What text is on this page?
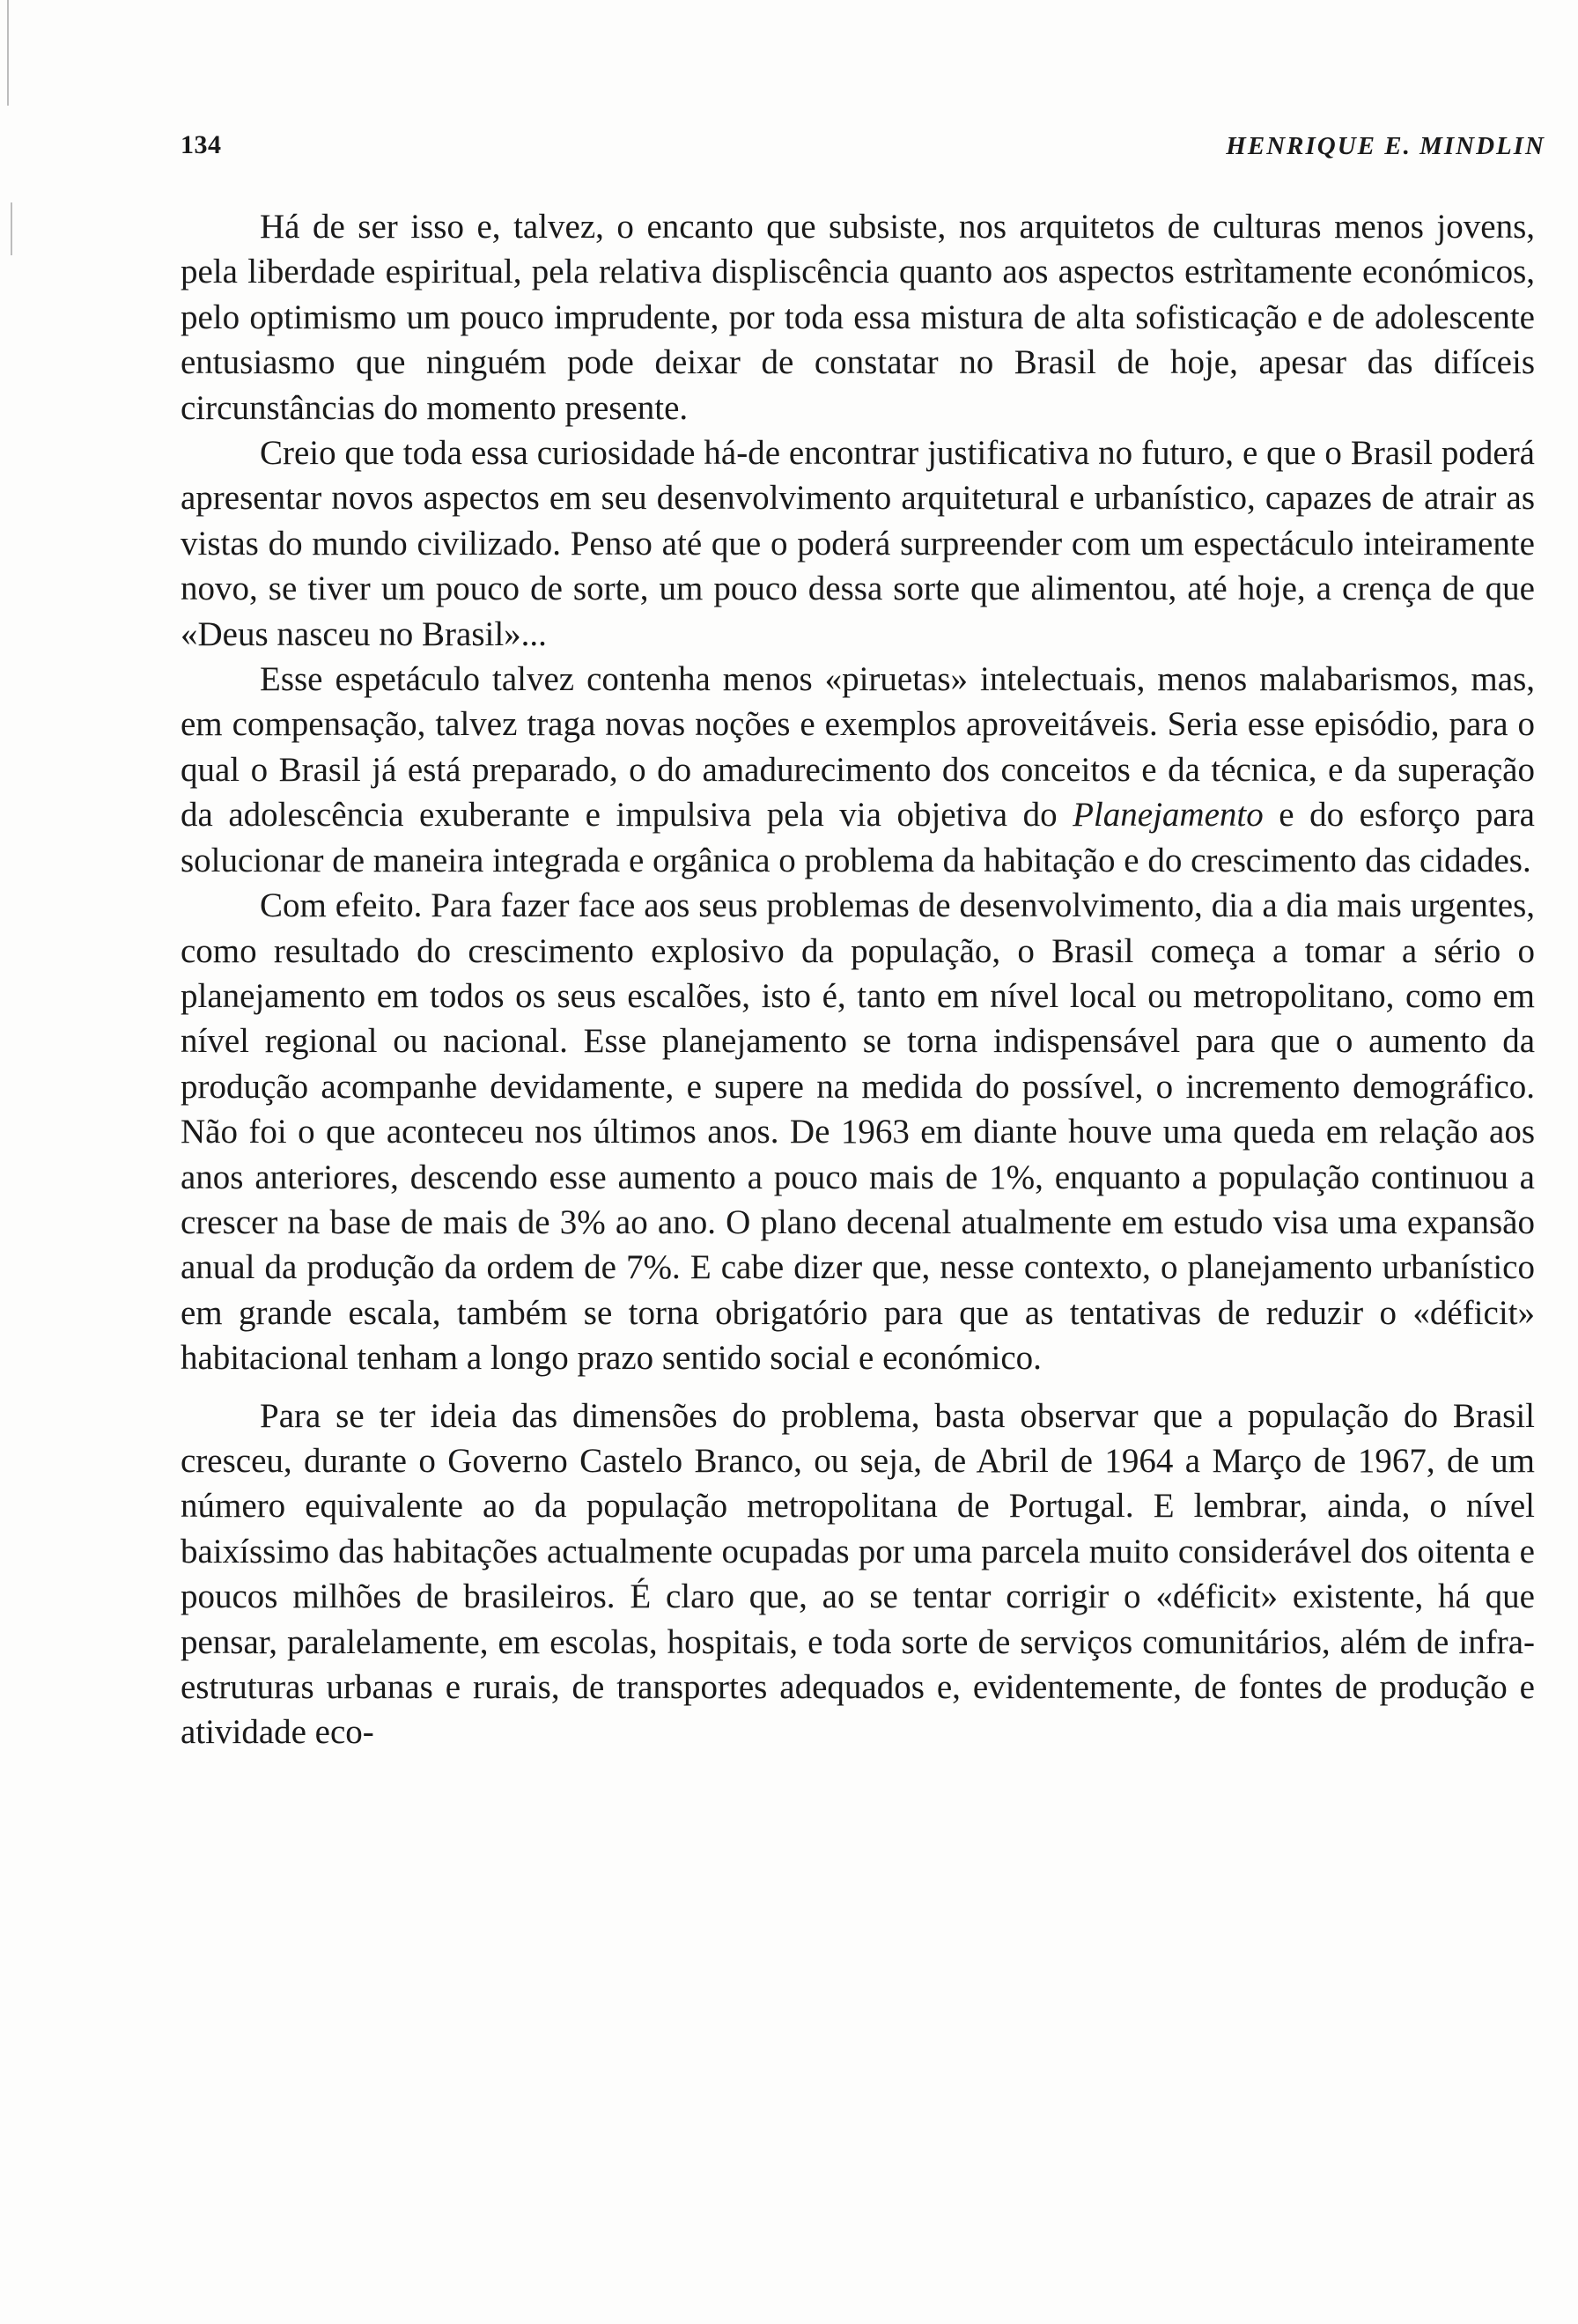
134	HENRIQUE E. MINDLIN

Há de ser isso e, talvez, o encanto que subsiste, nos arquitetos de culturas menos jovens, pela liberdade espiritual, pela relativa displiscência quanto aos aspectos estrìtamente económicos, pelo optimismo um pouco imprudente, por toda essa mistura de alta sofisticação e de adolescente entusiasmo que ninguém pode deixar de constatar no Brasil de hoje, apesar das difíceis circunstâncias do momento presente.

Creio que toda essa curiosidade há-de encontrar justificativa no futuro, e que o Brasil poderá apresentar novos aspectos em seu desenvolvimento arquitetural e urbanístico, capazes de atrair as vistas do mundo civilizado. Penso até que o poderá surpreender com um espectáculo inteiramente novo, se tiver um pouco de sorte, um pouco dessa sorte que alimentou, até hoje, a crença de que «Deus nasceu no Brasil»...

Esse espetáculo talvez contenha menos «piruetas» intelectuais, menos malabarismos, mas, em compensação, talvez traga novas noções e exemplos aproveitáveis. Seria esse episódio, para o qual o Brasil já está preparado, o do amadurecimento dos conceitos e da técnica, e da superação da adolescência exuberante e impulsiva pela via objetiva do Planejamento e do esforço para solucionar de maneira integrada e orgânica o problema da habitação e do crescimento das cidades.

Com efeito. Para fazer face aos seus problemas de desenvolvimento, dia a dia mais urgentes, como resultado do crescimento explosivo da população, o Brasil começa a tomar a sério o planejamento em todos os seus escalões, isto é, tanto em nível local ou metropolitano, como em nível regional ou nacional. Esse planejamento se torna indispensável para que o aumento da produção acompanhe devidamente, e supere na medida do possível, o incremento demográfico. Não foi o que aconteceu nos últimos anos. De 1963 em diante houve uma queda em relação aos anos anteriores, descendo esse aumento a pouco mais de 1%, enquanto a população continuou a crescer na base de mais de 3% ao ano. O plano decenal atualmente em estudo visa uma expansão anual da produção da ordem de 7%. E cabe dizer que, nesse contexto, o planejamento urbanístico em grande escala, também se torna obrigatório para que as tentativas de reduzir o «déficit» habitacional tenham a longo prazo sentido social e económico.

Para se ter ideia das dimensões do problema, basta observar que a população do Brasil cresceu, durante o Governo Castelo Branco, ou seja, de Abril de 1964 a Março de 1967, de um número equivalente ao da população metropolitana de Portugal. E lembrar, ainda, o nível baixíssimo das habitações actualmente ocupadas por uma parcela muito considerável dos oitenta e poucos milhões de brasileiros. É claro que, ao se tentar corrigir o «déficit» existente, há que pensar, paralelamente, em escolas, hospitais, e toda sorte de serviços comunitários, além de infra-estruturas urbanas e rurais, de transportes adequados e, evidentemente, de fontes de produção e atividade eco-
